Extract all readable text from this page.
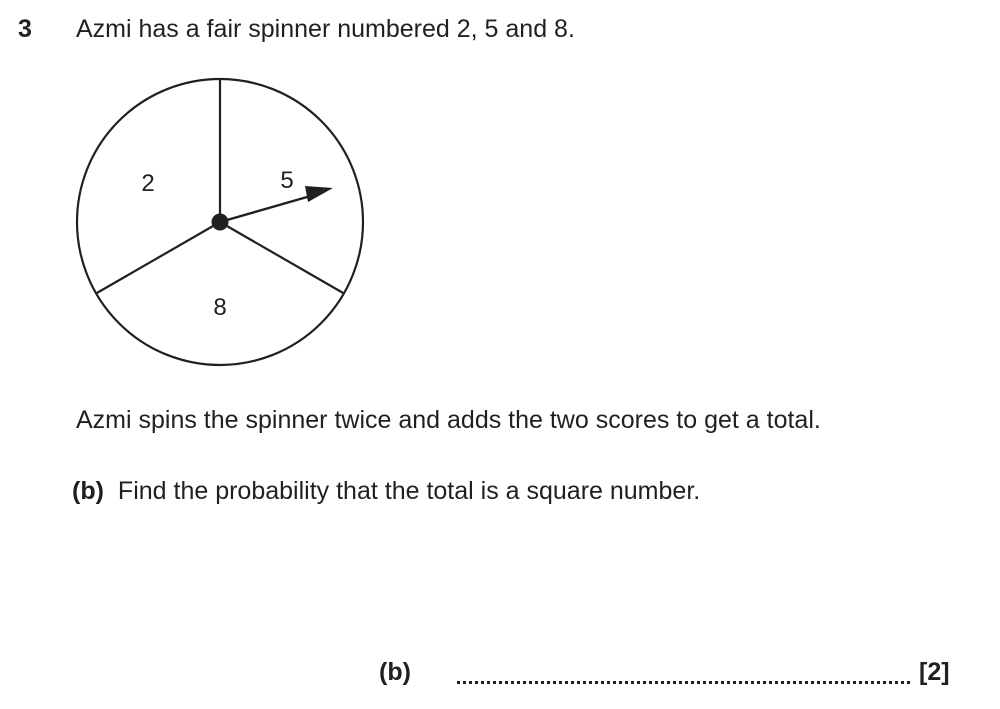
3 Azmi has a fair spinner numbered 2, 5 and 8.
2	5
8
Azmi spins the spinner twice and adds the two scores to get a total.
(b) Find the probability that the total is a square number.
(b)	[2]
